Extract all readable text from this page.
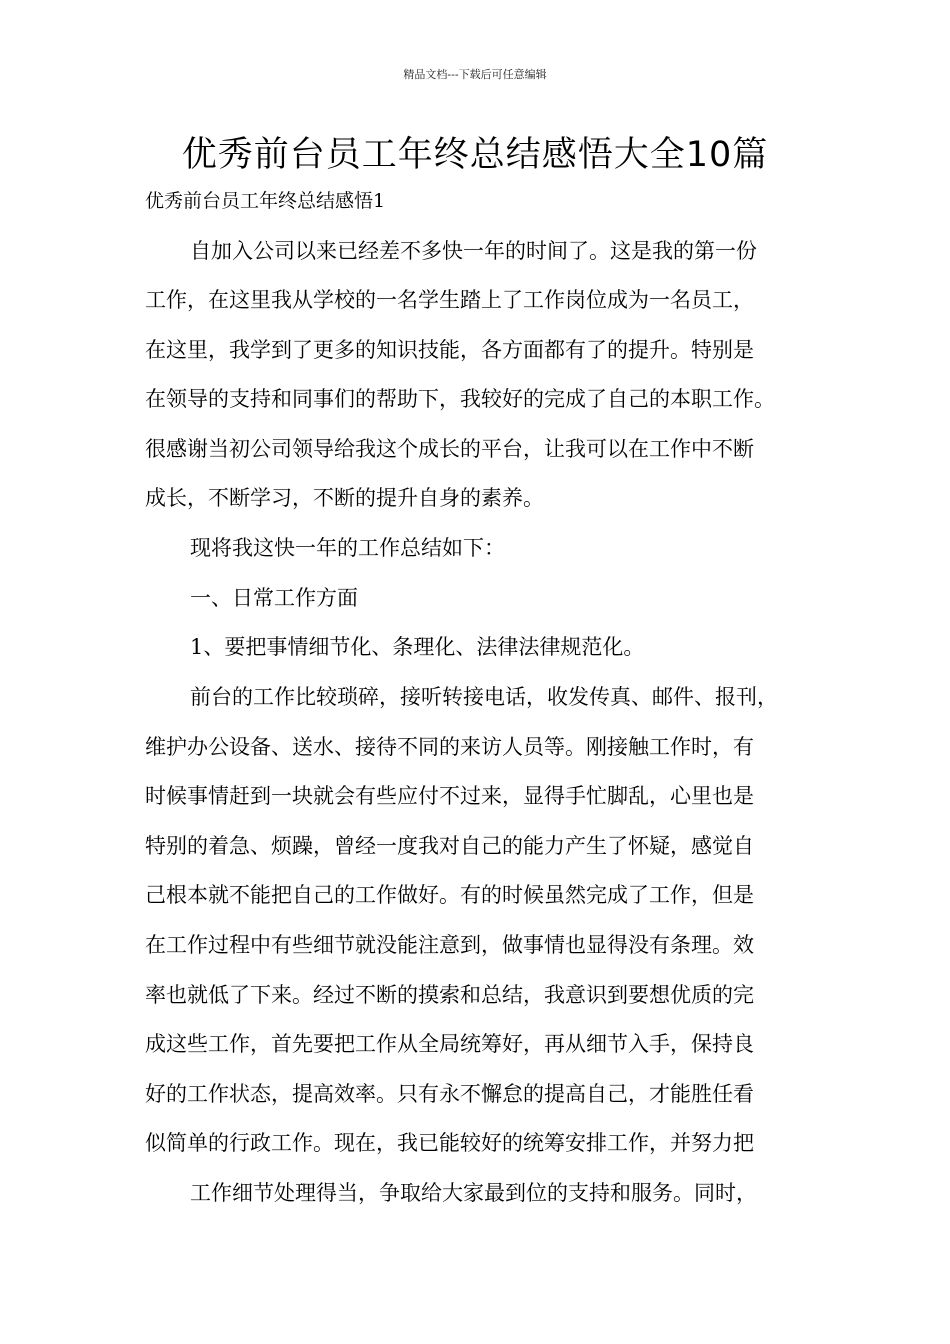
精品文档---下载后可任意编辑
优秀前台员工年终总结感悟大全10篇
优秀前台员工年终总结感悟1
自加入公司以来已经差不多快一年的时间了。这是我的第一份
工作，在这里我从学校的一名学生踏上了工作岗位成为一名员工，
在这里，我学到了更多的知识技能，各方面都有了的提升。特别是
在领导的支持和同事们的帮助下，我较好的完成了自己的本职工作。
很感谢当初公司领导给我这个成长的平台，让我可以在工作中不断
成长，不断学习，不断的提升自身的素养。
现将我这快一年的工作总结如下：
一、日常工作方面
1、要把事情细节化、条理化、法律法律规范化。
前台的工作比较琐碎，接听转接电话，收发传真、邮件、报刊，
维护办公设备、送水、接待不同的来访人员等。刚接触工作时，有
时候事情赶到一块就会有些应付不过来，显得手忙脚乱，心里也是
特别的着急、烦躁，曾经一度我对自己的能力产生了怀疑，感觉自
己根本就不能把自己的工作做好。有的时候虽然完成了工作，但是
在工作过程中有些细节就没能注意到，做事情也显得没有条理。效
率也就低了下来。经过不断的摸索和总结，我意识到要想优质的完
成这些工作，首先要把工作从全局统筹好，再从细节入手，保持良
好的工作状态，提高效率。只有永不懈怠的提高自己，才能胜任看
似简单的行政工作。现在，我已能较好的统筹安排工作，并努力把
工作细节处理得当，争取给大家最到位的支持和服务。同时，
